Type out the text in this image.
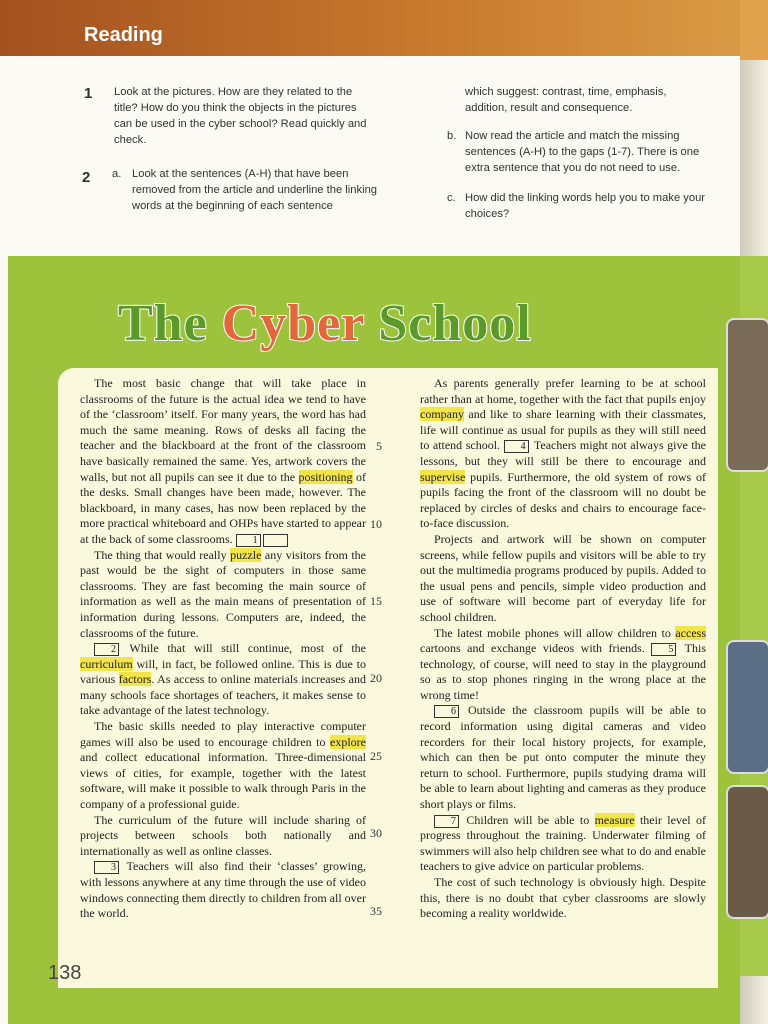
Reading
1 Look at the pictures. How are they related to the title? How do you think the objects in the pictures can be used in the cyber school? Read quickly and check.
2 a. Look at the sentences (A-H) that have been removed from the article and underline the linking words at the beginning of each sentence
which suggest: contrast, time, emphasis, addition, result and consequence.
b. Now read the article and match the missing sentences (A-H) to the gaps (1-7). There is one extra sentence that you do not need to use.
c. How did the linking words help you to make your choices?
The Cyber School

The most basic change that will take place in classrooms of the future is the actual idea we tend to have of the ‘classroom’ itself. For many years, the word has had much the same meaning. Rows of desks all facing the teacher and the blackboard at the front of the classroom have basically remained the same. Yes, artwork covers the walls, but not all pupils can see it due to the positioning of the desks. Small changes have been made, however. The blackboard, in many cases, has now been replaced by the more practical whiteboard and OHPs have started to appear at the back of some classrooms. 1

The thing that would really puzzle any visitors from the past would be the sight of computers in those same classrooms. They are fast becoming the main source of information as well as the main means of presentation of information during lessons. Computers are, indeed, the classrooms of the future.

2 While that will still continue, most of the curriculum will, in fact, be followed online. This is due to various factors. As access to online materials increases and many schools face shortages of teachers, it makes sense to take advantage of the latest technology.

The basic skills needed to play interactive computer games will also be used to encourage children to explore and collect educational information. Three-dimensional views of cities, for example, together with the latest software, will make it possible to walk through Paris in the company of a professional guide.

The curriculum of the future will include sharing of projects between schools both nationally and internationally as well as online classes.

3 Teachers will also find their ‘classes’ growing, with lessons anywhere at any time through the use of video windows connecting them directly to children from all over the world.

5
10
15
20
25
30
35

As parents generally prefer learning to be at school rather than at home, together with the fact that pupils enjoy company and like to share learning with their classmates, life will continue as usual for pupils as they will still need to attend school. 4 Teachers might not always give the lessons, but they will still be there to encourage and supervise pupils. Furthermore, the old system of rows of pupils facing the front of the classroom will no doubt be replaced by circles of desks and chairs to encourage face-to-face discussion.

Projects and artwork will be shown on computer screens, while fellow pupils and visitors will be able to try out the multimedia programs produced by pupils. Added to the usual pens and pencils, simple video production and use of software will become part of everyday life for school children.

The latest mobile phones will allow children to access cartoons and exchange videos with friends. 5 This technology, of course, will need to stay in the playground so as to stop phones ringing in the wrong place at the wrong time!

6 Outside the classroom pupils will be able to record information using digital cameras and video recorders for their local history projects, for example, which can then be put onto computer the minute they return to school. Furthermore, pupils studying drama will be able to learn about lighting and cameras as they produce short plays or films.

7 Children will be able to measure their level of progress throughout the training. Underwater filming of swimmers will also help children see what to do and enable teachers to give advice on particular problems.

The cost of such technology is obviously high. Despite this, there is no doubt that cyber classrooms are slowly becoming a reality worldwide.

138
